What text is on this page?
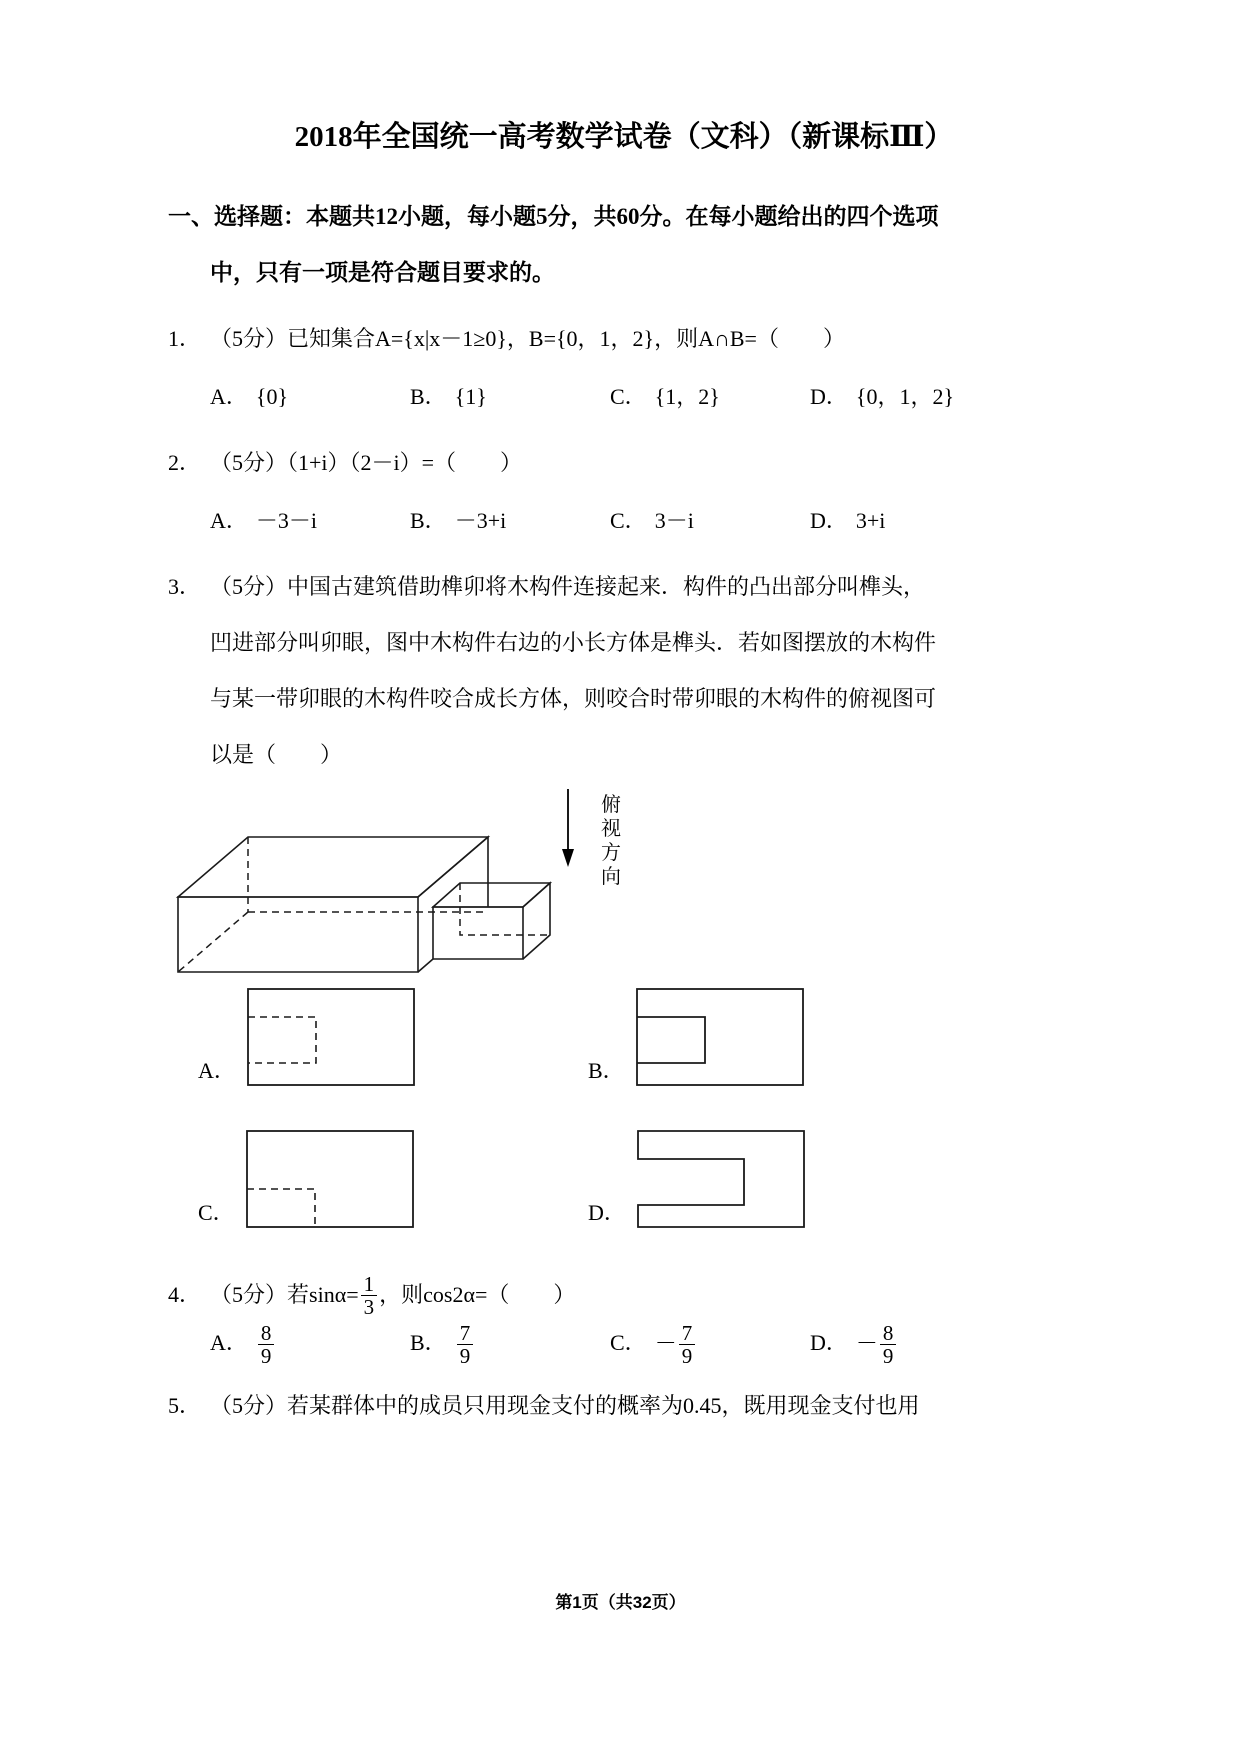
2018年全国统一高考数学试卷（文科）（新课标Ⅲ）
一、选择题：本题共12小题，每小题5分，共60分。在每小题给出的四个选项
中，只有一项是符合题目要求的。
1． （5分）已知集合A={x|x－1≥0}，B={0，1，2}，则A∩B=（　　）
A． {0}	B． {1}	C． {1，2}	D． {0，1，2}
2． （5分）（1+i）（2－i）=（　　）
A． －3－i	B． －3+i	C． 3－i	D． 3+i
3． （5分）中国古建筑借助榫卯将木构件连接起来．构件的凸出部分叫榫头，
凹进部分叫卯眼，图中木构件右边的小长方体是榫头．若如图摆放的木构件
与某一带卯眼的木构件咬合成长方体，则咬合时带卯眼的木构件的俯视图可
以是（　　）
俯视方向
A．	B．
C．	D．
4． （5分）若$\sin\alpha= \frac{1}{3}$ ，则cos2α=（　　）
A． $\frac{8}{9}$	B． $\frac{7}{9}$	C． － $\frac{7}{9}$	D． － $\frac{8}{9}$
5． （5分）若某群体中的成员只用现金支付的概率为0.45，既用现金支付也用
第1页（共32页）
